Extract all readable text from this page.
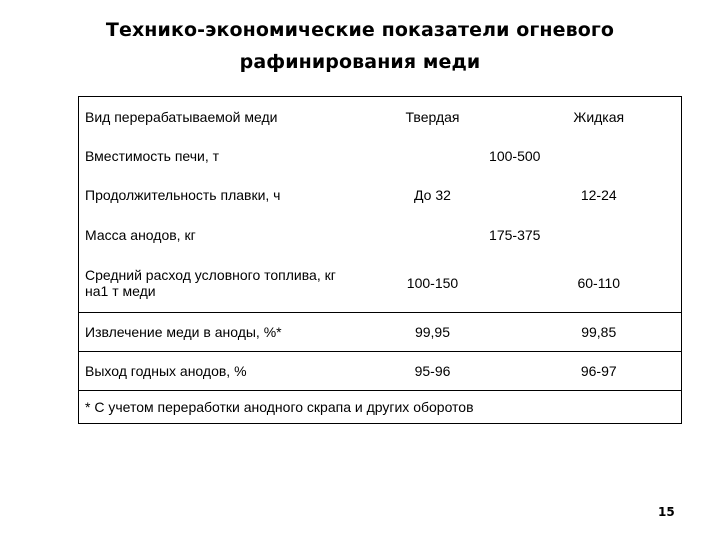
Технико-экономические показатели огневого
рафинирования меди
Вид перерабатываемой меди	Твердая	Жидкая
Вместимость печи, т	100-500	
Продолжительность плавки, ч	До 32	12-24
Масса анодов, кг	175-375	
Средний расход условного топлива, кг на1 т меди	100-150	60-110
Извлечение меди в аноды, %*	99,95	99,85
Выход годных анодов, %	95-96	96-97
* С учетом переработки анодного скрапа и других оборотов		
15
